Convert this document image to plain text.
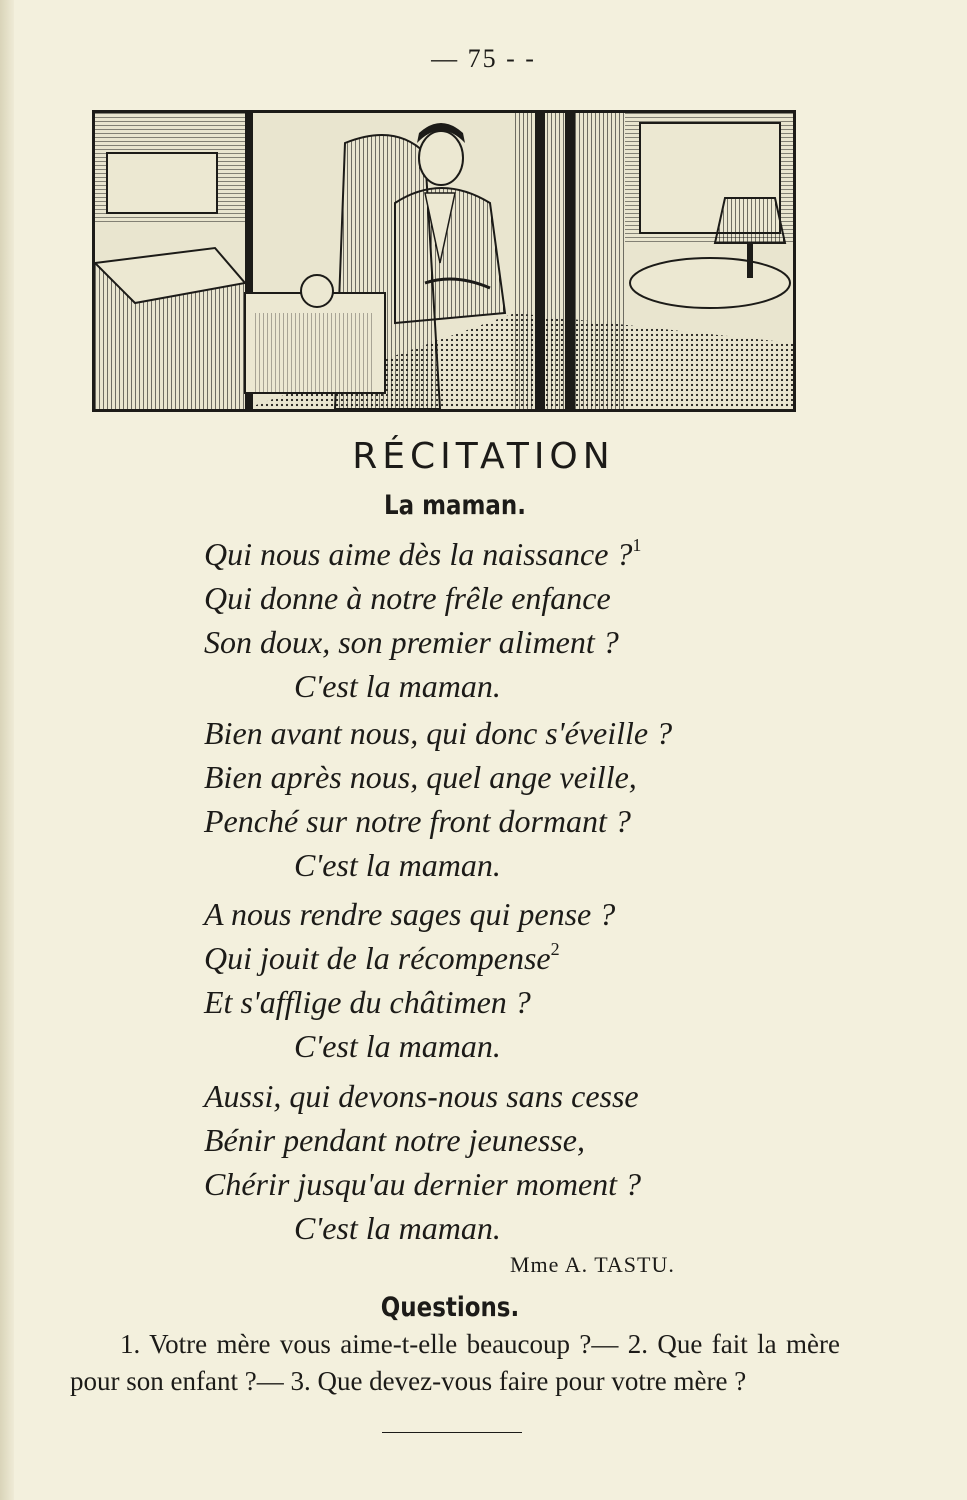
— 75 - -
RÉCITATION
La maman.
Qui nous aime dès la naissance ?$^1$
Qui donne à notre frêle enfance
Son doux, son premier aliment ?
C'est la maman.
Bien avant nous, qui donc s'éveille ?
Bien après nous, quel ange veille,
Penché sur notre front dormant ?
C'est la maman.
A nous rendre sages qui pense ?
Qui jouit de la récompense$^2$
Et s'afflige du châtimen ?
C'est la maman.
Aussi, qui devons-nous sans cesse
Bénir pendant notre jeunesse,
Chérir jusqu'au dernier moment ?
C'est la maman.
Mme A. TASTU.
Questions.
1. Votre mère vous aime-t-elle beaucoup ?— 2. Que fait la mère pour son enfant ?— 3. Que devez-vous faire pour votre mère ?
